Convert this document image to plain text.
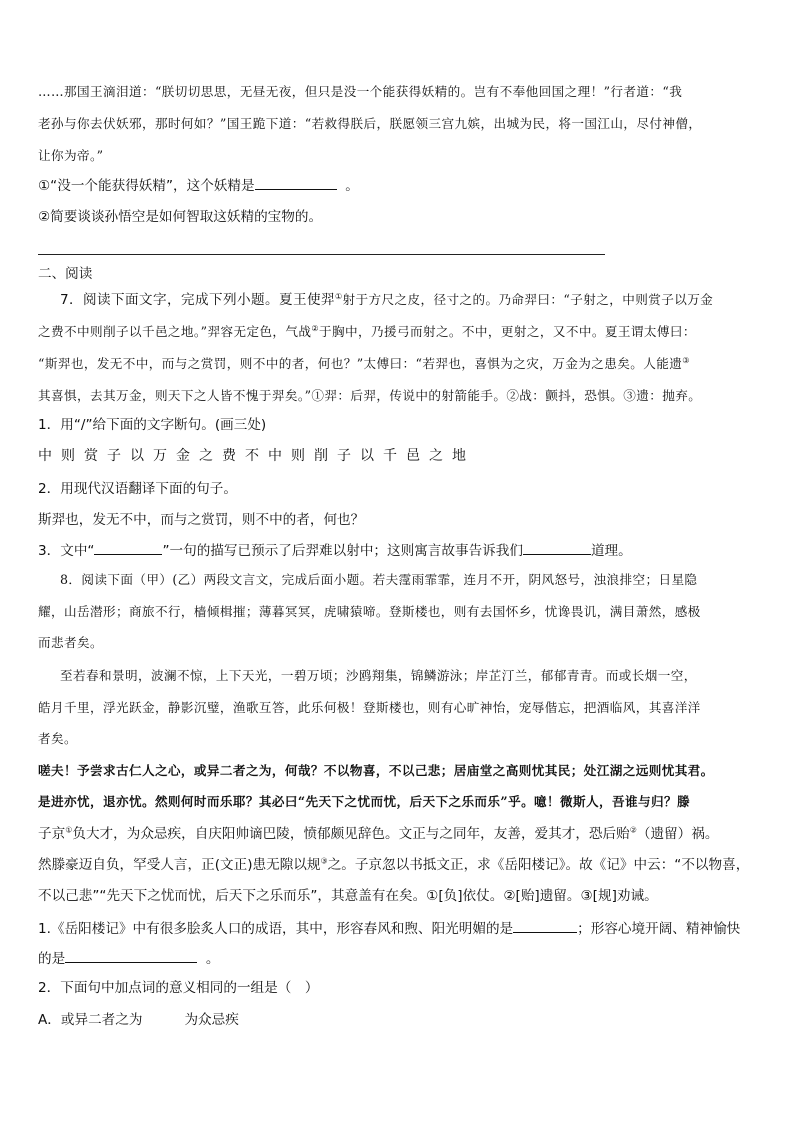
……那国王滴泪道：“朕切切思思，无昼无夜，但只是没一个能获得妖精的。岂有不奉他回国之理！”行者道：“我
老孙与你去伏妖邪，那时何如？”国王跪下道：“若救得朕后，朕愿领三宫九嫔，出城为民，将一国江山，尽付神僧，
让你为帝。”
①“没一个能获得妖精”，这个妖精是	。
②简要谈谈孙悟空是如何智取这妖精的宝物的。
二、阅读
7．阅读下面文字，完成下列小题。夏王使羿①射于方尺之皮，径寸之的。乃命羿曰：“子射之，中则赏子以万金
之费不中则削子以千邑之地。”羿容无定色，气战②于胸中，乃援弓而射之。不中，更射之，又不中。夏王谓太傅曰：
“斯羿也，发无不中，而与之赏罚，则不中的者，何也？”太傅曰：“若羿也，喜惧为之灾，万金为之患矣。人能遗③
其喜惧，去其万金，则天下之人皆不愧于羿矣。”①羿：后羿，传说中的射箭能手。②战：颤抖，恐惧。③遗：抛弃。
1．用“/”给下面的文字断句。(画三处)
中则赏子以万金之费不中则削子以千邑之地
2．用现代汉语翻译下面的句子。
斯羿也，发无不中，而与之赏罚，则不中的者，何也？
3．文中“	”一句的描写已预示了后羿难以射中；这则寓言故事告诉我们	道理。
8．阅读下面（甲）(乙）两段文言文，完成后面小题。若夫霪雨霏霏，连月不开，阴风怒号，浊浪排空；日星隐
耀，山岳潜形；商旅不行，樯倾楫摧；薄暮冥冥，虎啸猿啼。登斯楼也，则有去国怀乡，忧谗畏讥，满目萧然，感极
而悲者矣。
至若春和景明，波澜不惊，上下天光，一碧万顷；沙鸥翔集，锦鳞游泳；岸芷汀兰，郁郁青青。而或长烟一空，
皓月千里，浮光跃金，静影沉璧，渔歌互答，此乐何极！登斯楼也，则有心旷神怡，宠辱偕忘，把酒临风，其喜洋洋
者矣。
嗟夫！予尝求古仁人之心，或异二者之为，何哉？不以物喜，不以己悲；居庙堂之高则忧其民；处江湖之远则忧其君。
是进亦忧，退亦忧。然则何时而乐耶？其必曰“先天下之忧而忧，后天下之乐而乐”乎。噫！微斯人，吾谁与归？滕
子京①负大才，为众忌疾，自庆阳帅谪巴陵，愤郁颇见辞色。文正与之同年，友善，爱其才，恐后贻②（遗留）祸。
然滕豪迈自负，罕受人言，正(文正)患无隙以规③之。子京忽以书抵文正，求《岳阳楼记》。故《记》中云：“不以物喜，
不以己悲”“先天下之忧而忧，后天下之乐而乐”，其意盖有在矣。①[负]依仗。②[贻]遗留。③[规]劝诫。
1.《岳阳楼记》中有很多脍炙人口的成语，其中，形容春风和煦、阳光明媚的是	；形容心境开阔、精神愉快
的是	。
2．下面句中加点词的意义相同的一组是（　）
A．或异二者之为	为众忌疾
